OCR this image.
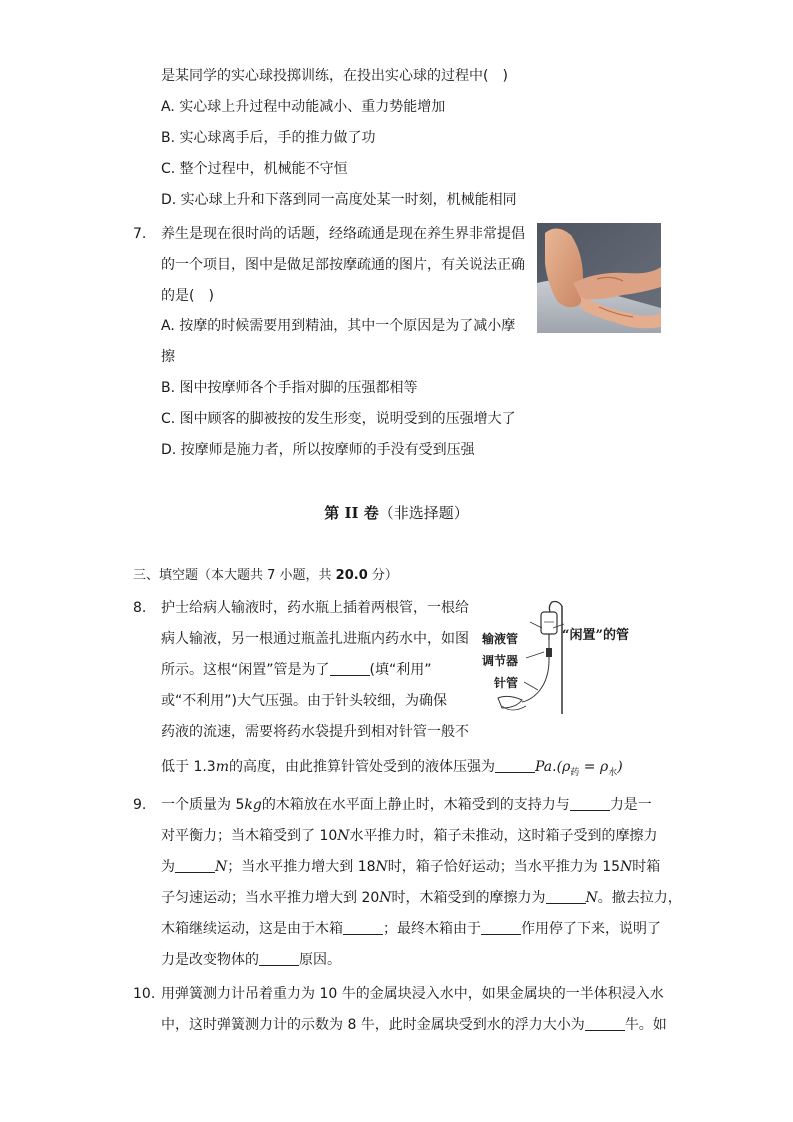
是某同学的实心球投掷训练，在投出实心球的过程中(　)
A. 实心球上升过程中动能减小、重力势能增加
B. 实心球离手后，手的推力做了功
C. 整个过程中，机械能不守恒
D. 实心球上升和下落到同一高度处某一时刻，机械能相同
7. 养生是现在很时尚的话题，经络疏通是现在养生界非常提倡
的一个项目，图中是做足部按摩疏通的图片，有关说法正确
的是(　)
A. 按摩的时候需要用到精油，其中一个原因是为了减小摩
擦
B. 图中按摩师各个手指对脚的压强都相等
C. 图中顾客的脚被按的发生形变，说明受到的压强增大了
D. 按摩师是施力者，所以按摩师的手没有受到压强
第 II 卷（非选择题）
三、填空题（本大题共 7 小题，共 20.0 分）
8. 护士给病人输液时，药水瓶上插着两根管，一根给
病人输液，另一根通过瓶盖扎进瓶内药水中，如图
所示。这根“闲置”管是为了	(填“利用”
或“不利用”)大气压强。由于针头较细，为确保
药液的流速，需要将药水袋提升到相对针管一般不
低于 1.3m的高度，由此推算针管处受到的液体压强为	$Pa.(\rho_药 = \rho_水)$
“闲置”的管
输液管
调节器
针管
9. 一个质量为 5kg的木箱放在水平面上静止时，木箱受到的支持力与	力是一
对平衡力；当木箱受到了 10N水平推力时，箱子未推动，这时箱子受到的摩擦力
为	N；当水平推力增大到 18N时，箱子恰好运动；当水平推力为 15N时箱
子匀速运动；当水平推力增大到 20N时，木箱受到的摩擦力为	N。撤去拉力，
木箱继续运动，这是由于木箱	；最终木箱由于	作用停了下来，说明了
力是改变物体的	原因。
10. 用弹簧测力计吊着重力为 10 牛的金属块浸入水中，如果金属块的一半体积浸入水
中，这时弹簧测力计的示数为 8 牛，此时金属块受到水的浮力大小为	牛。如
